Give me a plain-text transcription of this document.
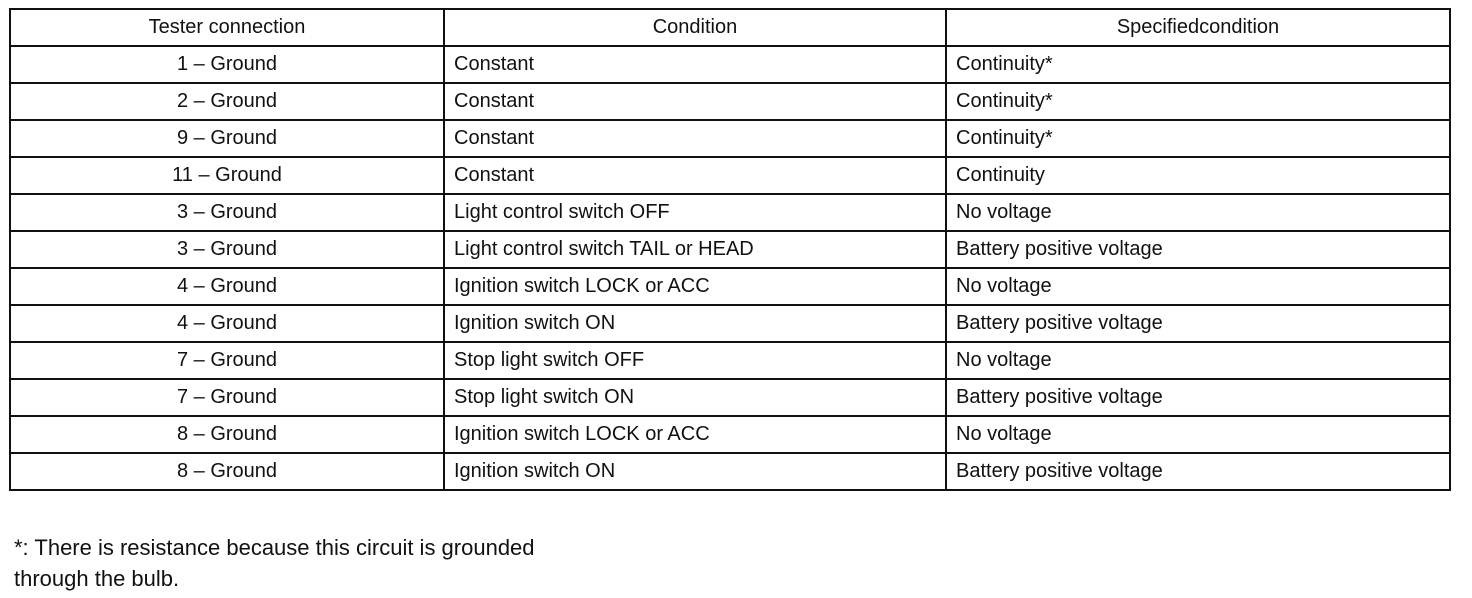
Tester connection	Condition	Specifiedcondition
1 – Ground	Constant	Continuity*
2 – Ground	Constant	Continuity*
9 – Ground	Constant	Continuity*
11 – Ground	Constant	Continuity
3 – Ground	Light control switch OFF	No voltage
3 – Ground	Light control switch TAIL or HEAD	Battery positive voltage
4 – Ground	Ignition switch LOCK or ACC	No voltage
4 – Ground	Ignition switch ON	Battery positive voltage
7 – Ground	Stop light switch OFF	No voltage
7 – Ground	Stop light switch ON	Battery positive voltage
8 – Ground	Ignition switch LOCK or ACC	No voltage
8 – Ground	Ignition switch ON	Battery positive voltage

*: There is resistance because this circuit is grounded
through the bulb.
